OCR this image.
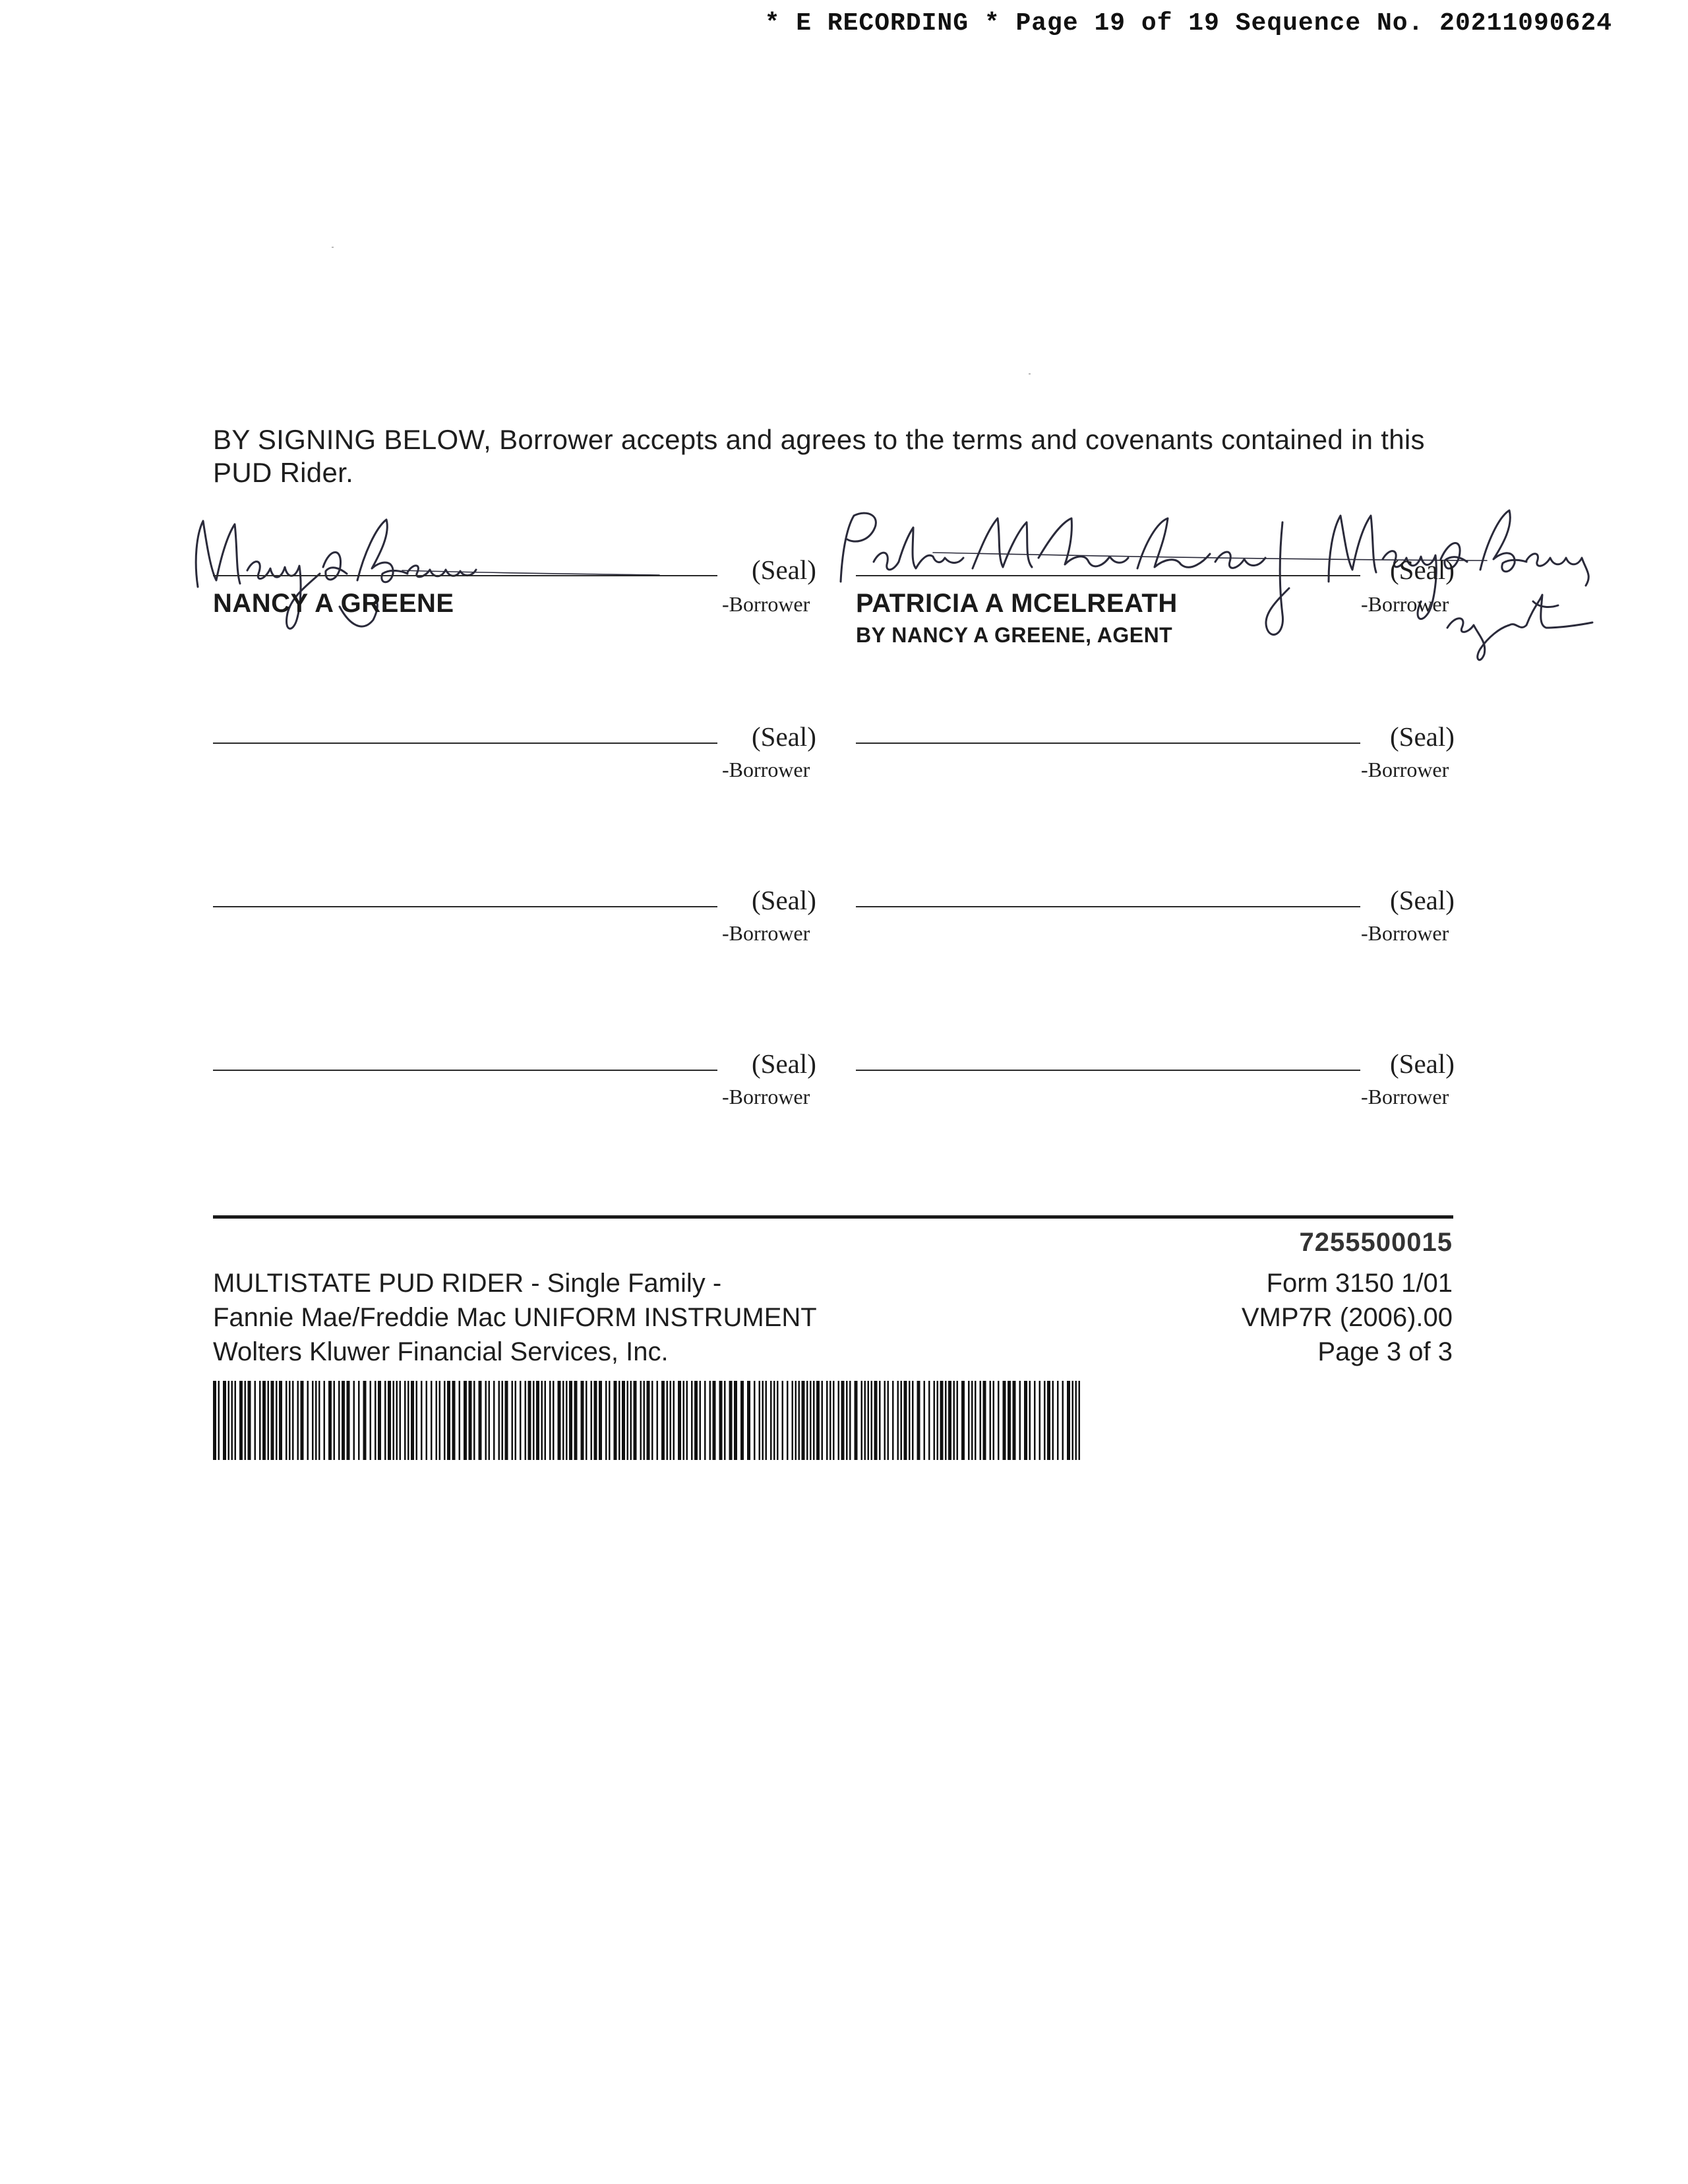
* E RECORDING * Page 19 of 19 Sequence No. 20211090624
BY SIGNING BELOW, Borrower accepts and agrees to the terms and covenants contained in this PUD Rider.
(Seal)
-Borrower
NANCY A GREENE
(Seal)
-Borrower
PATRICIA A MCELREATH
BY NANCY A GREENE, AGENT
(Seal)
-Borrower
(Seal)
-Borrower
(Seal)
-Borrower
(Seal)
-Borrower
(Seal)
-Borrower
(Seal)
-Borrower
7255500015
MULTISTATE PUD RIDER - Single Family -
Fannie Mae/Freddie Mac UNIFORM INSTRUMENT
Wolters Kluwer Financial Services, Inc.
Form 3150 1/01
VMP7R (2006).00
Page 3 of 3
